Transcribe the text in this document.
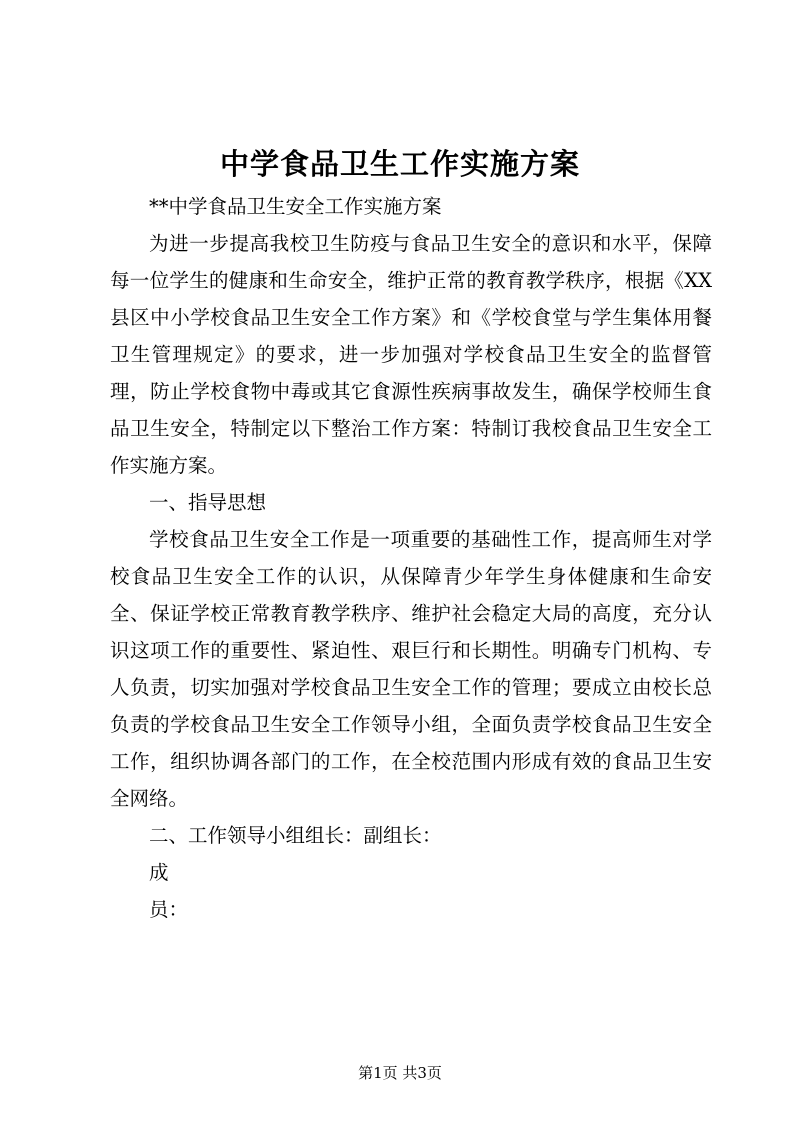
中学食品卫生工作实施方案

**中学食品卫生安全工作实施方案

为进一步提高我校卫生防疫与食品卫生安全的意识和水平，保障每一位学生的健康和生命安全，维护正常的教育教学秩序，根据《XX县区中小学校食品卫生安全工作方案》和《学校食堂与学生集体用餐卫生管理规定》的要求，进一步加强对学校食品卫生安全的监督管理，防止学校食物中毒或其它食源性疾病事故发生，确保学校师生食品卫生安全，特制定以下整治工作方案：特制订我校食品卫生安全工作实施方案。

一、指导思想

学校食品卫生安全工作是一项重要的基础性工作，提高师生对学校食品卫生安全工作的认识，从保障青少年学生身体健康和生命安全、保证学校正常教育教学秩序、维护社会稳定大局的高度，充分认识这项工作的重要性、紧迫性、艰巨行和长期性。明确专门机构、专人负责，切实加强对学校食品卫生安全工作的管理；要成立由校长总负责的学校食品卫生安全工作领导小组，全面负责学校食品卫生安全工作，组织协调各部门的工作，在全校范围内形成有效的食品卫生安全网络。

二、工作领导小组组长：副组长：

成

员：

第1页 共3页
